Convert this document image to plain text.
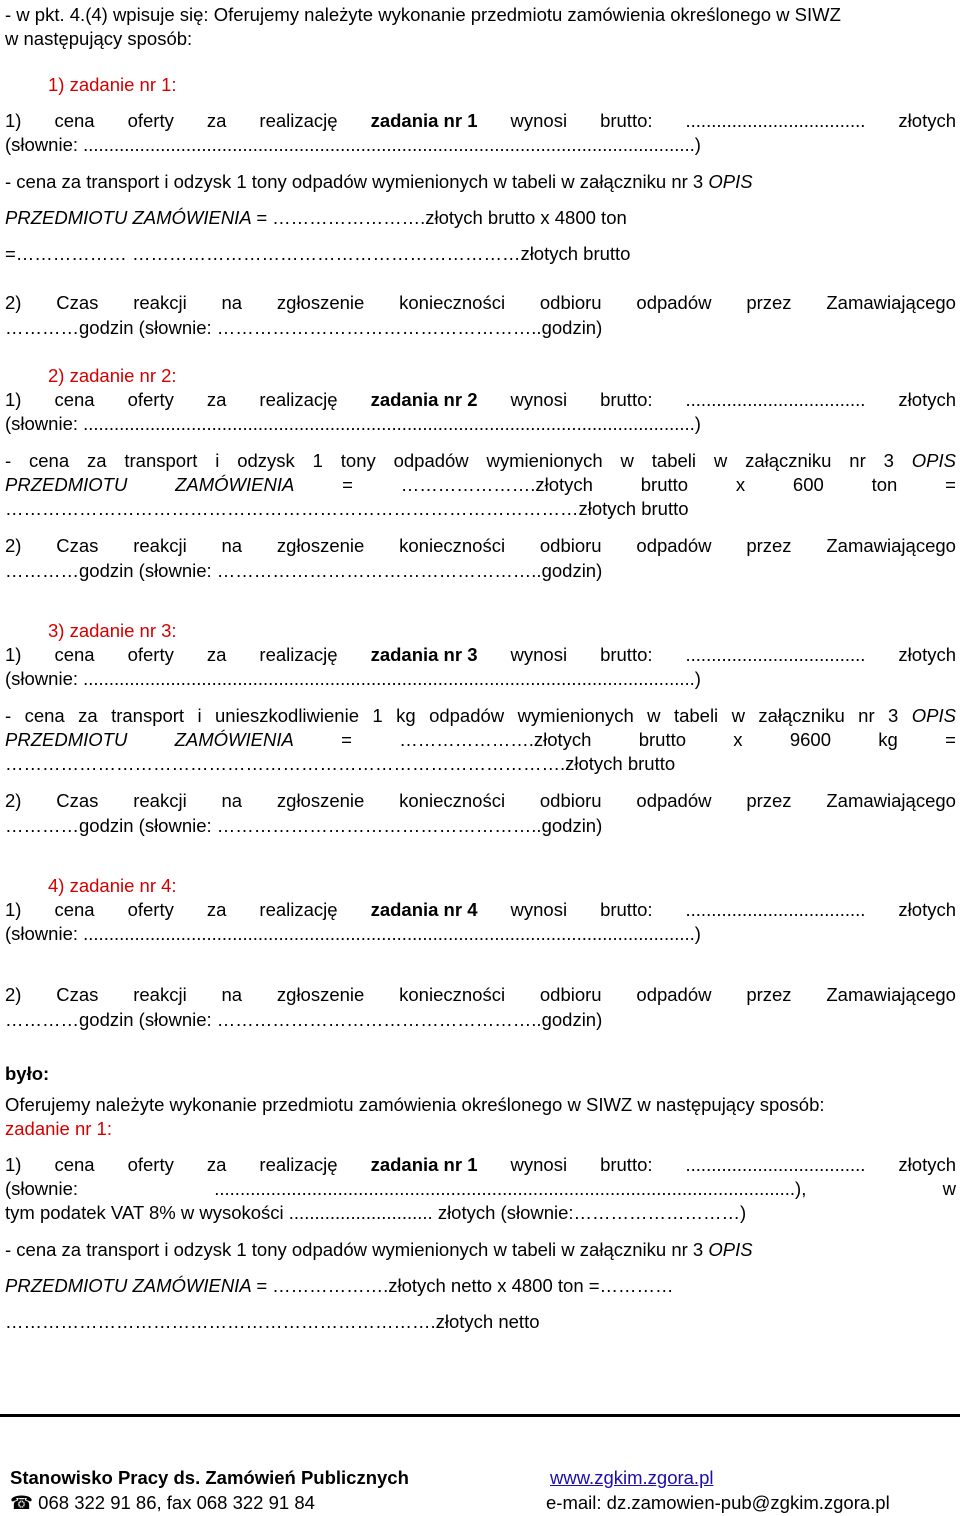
- w pkt. 4.(4) wpisuje się: Oferujemy należyte wykonanie przedmiotu zamówienia określonego w SIWZ
w następujący sposób:
1) zadanie nr 1:
1) cena oferty za realizację zadania nr 1 wynosi brutto: ................................... złotych
(słownie: .......................................................................................................................)
- cena za transport i odzysk 1 tony odpadów wymienionych w tabeli w załączniku nr 3 OPIS
PRZEDMIOTU ZAMÓWIENIA = …………………….złotych brutto x 4800 ton
=……………… ………………………………………………………złotych brutto
2) Czas reakcji na zgłoszenie konieczności odbioru odpadów przez Zamawiającego
…………godzin (słownie: ……………………………………………..godzin)
2) zadanie nr 2:
1) cena oferty za realizację zadania nr 2 wynosi brutto: ................................... złotych
(słownie: .......................................................................................................................)
- cena za transport i odzysk 1 tony odpadów wymienionych w tabeli w załączniku nr 3 OPIS
PRZEDMIOTU	ZAMÓWIENIA	=	………………….złotych	brutto	x	600	ton	=
…………………………………………………………………………………złotych brutto
2) Czas reakcji na zgłoszenie konieczności odbioru odpadów przez Zamawiającego
…………godzin (słownie: ……………………………………………..godzin)
3) zadanie nr 3:
1) cena oferty za realizację zadania nr 3 wynosi brutto: ................................... złotych
(słownie: .......................................................................................................................)
- cena za transport i unieszkodliwienie 1 kg odpadów wymienionych w tabeli w załączniku nr 3 OPIS
PRZEDMIOTU	ZAMÓWIENIA	=	………………….złotych	brutto	x	9600	kg	=
……………………………………………………………………………….złotych brutto
2) Czas reakcji na zgłoszenie konieczności odbioru odpadów przez Zamawiającego
…………godzin (słownie: ……………………………………………..godzin)
4) zadanie nr 4:
1) cena oferty za realizację zadania nr 4 wynosi brutto: ................................... złotych
(słownie: .......................................................................................................................)
2) Czas reakcji na zgłoszenie konieczności odbioru odpadów przez Zamawiającego
…………godzin (słownie: ……………………………………………..godzin)
było:
Oferujemy należyte wykonanie przedmiotu zamówienia określonego w SIWZ w następujący sposób:
zadanie nr 1:
1) cena oferty za realizację zadania nr 1 wynosi brutto: ................................... złotych
(słownie:	.................................................................................................................),	w
tym podatek VAT 8% w wysokości ............................ złotych (słownie:………………………)
- cena za transport i odzysk 1 tony odpadów wymienionych w tabeli w załączniku nr 3 OPIS
PRZEDMIOTU ZAMÓWIENIA = ……………….złotych netto x 4800 ton =…………
…………………………………………………………….złotych netto
Stanowisko Pracy ds. Zamówień Publicznych	www.zgkim.zgora.pl
☎ 068 322 91 86, fax 068 322 91 84	e-mail: dz.zamowien-pub@zgkim.zgora.pl
